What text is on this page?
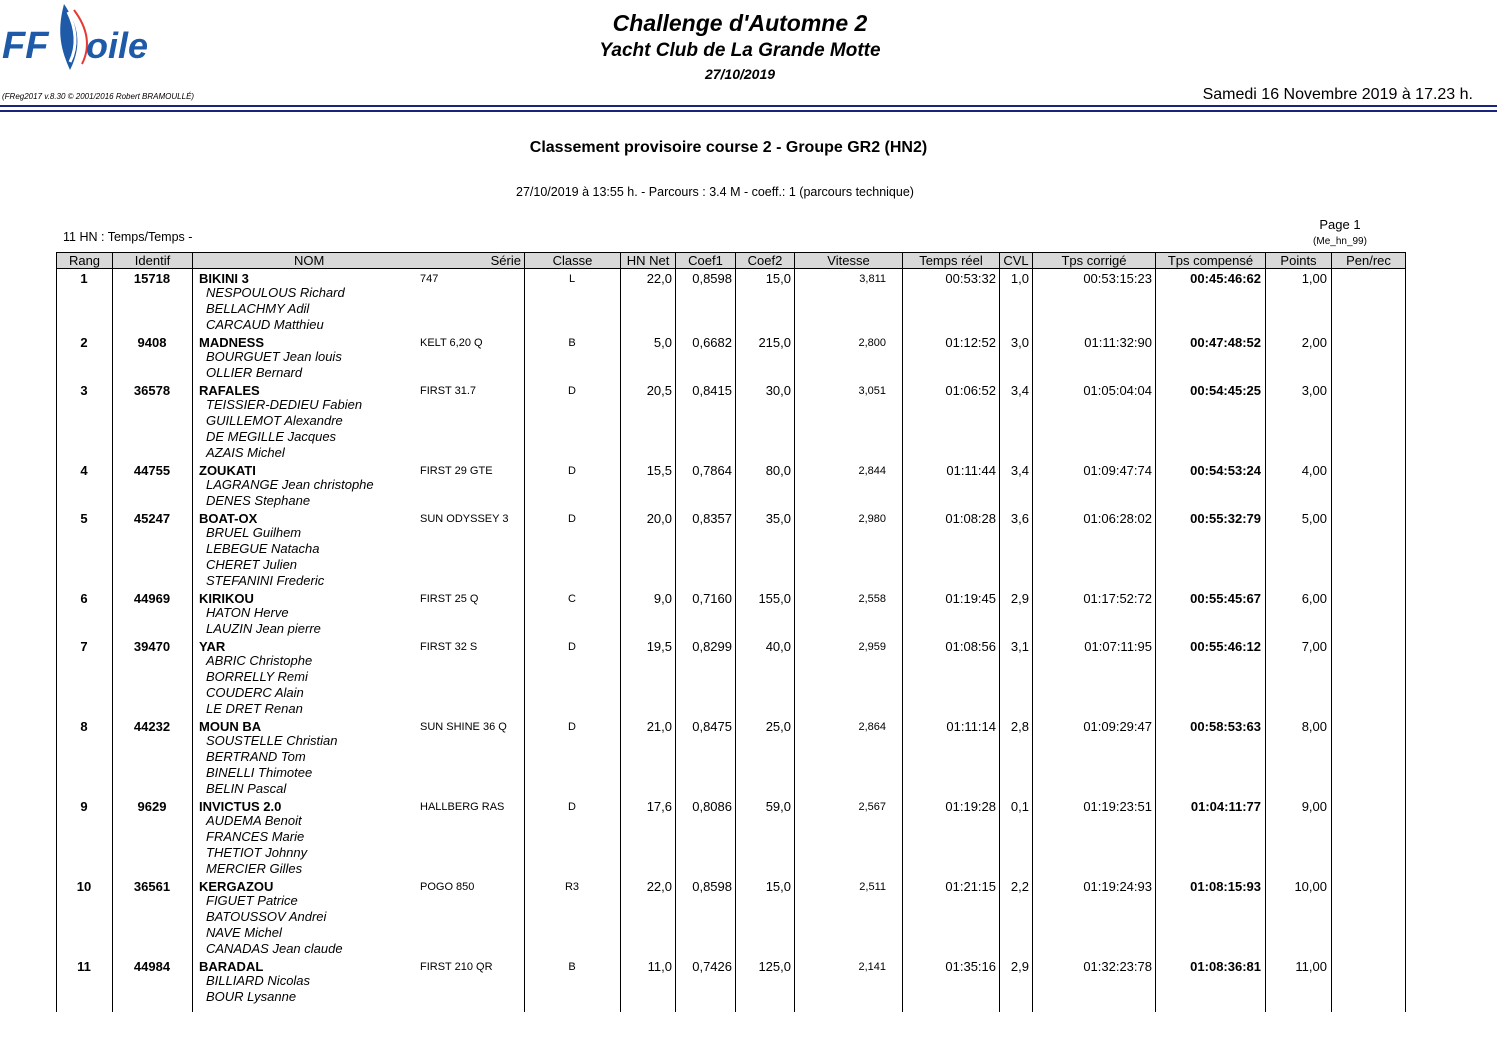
FF oile
Challenge d'Automne 2
Yacht Club de La Grande Motte
27/10/2019
(FReg2017 v.8.30 © 2001/2016 Robert BRAMOULLÉ)	Samedi 16 Novembre 2019 à 17.23 h.
Classement provisoire course 2 - Groupe GR2 (HN2)
27/10/2019 à 13:55 h. - Parcours : 3.4 M - coeff.: 1 (parcours technique)
11 HN : Temps/Temps -
Page 1
(Me_hn_99)
Rang	Identif	NOM	Série	Classe	HN Net	Coef1	Coef2	Vitesse	Temps réel	CVL	Tps corrigé	Tps compensé	Points	Pen/rec
1	15718	BIKINI 3	747	L	22,0	0,8598	15,0	3,811	00:53:32	1,0	00:53:15:23	00:45:46:62	1,00
NESPOULOUS Richard
BELLACHMY Adil
CARCAUD Matthieu
2	9408	MADNESS	KELT 6,20 Q	B	5,0	0,6682	215,0	2,800	01:12:52	3,0	01:11:32:90	00:47:48:52	2,00
BOURGUET Jean louis
OLLIER Bernard
3	36578	RAFALES	FIRST 31.7	D	20,5	0,8415	30,0	3,051	01:06:52	3,4	01:05:04:04	00:54:45:25	3,00
TEISSIER-DEDIEU Fabien
GUILLEMOT Alexandre
DE MEGILLE Jacques
AZAIS Michel
4	44755	ZOUKATI	FIRST 29 GTE	D	15,5	0,7864	80,0	2,844	01:11:44	3,4	01:09:47:74	00:54:53:24	4,00
LAGRANGE Jean christophe
DENES Stephane
5	45247	BOAT-OX	SUN ODYSSEY 3	D	20,0	0,8357	35,0	2,980	01:08:28	3,6	01:06:28:02	00:55:32:79	5,00
BRUEL Guilhem
LEBEGUE Natacha
CHERET Julien
STEFANINI Frederic
6	44969	KIRIKOU	FIRST 25 Q	C	9,0	0,7160	155,0	2,558	01:19:45	2,9	01:17:52:72	00:55:45:67	6,00
HATON Herve
LAUZIN Jean pierre
7	39470	YAR	FIRST 32 S	D	19,5	0,8299	40,0	2,959	01:08:56	3,1	01:07:11:95	00:55:46:12	7,00
ABRIC Christophe
BORRELLY Remi
COUDERC Alain
LE DRET Renan
8	44232	MOUN BA	SUN SHINE 36 Q	D	21,0	0,8475	25,0	2,864	01:11:14	2,8	01:09:29:47	00:58:53:63	8,00
SOUSTELLE Christian
BERTRAND Tom
BINELLI Thimotee
BELIN Pascal
9	9629	INVICTUS 2.0	HALLBERG RAS	D	17,6	0,8086	59,0	2,567	01:19:28	0,1	01:19:23:51	01:04:11:77	9,00
AUDEMA Benoit
FRANCES Marie
THETIOT Johnny
MERCIER Gilles
10	36561	KERGAZOU	POGO 850	R3	22,0	0,8598	15,0	2,511	01:21:15	2,2	01:19:24:93	01:08:15:93	10,00
FIGUET Patrice
BATOUSSOV Andrei
NAVE Michel
CANADAS Jean claude
11	44984	BARADAL	FIRST 210 QR	B	11,0	0,7426	125,0	2,141	01:35:16	2,9	01:32:23:78	01:08:36:81	11,00
BILLIARD Nicolas
BOUR Lysanne
